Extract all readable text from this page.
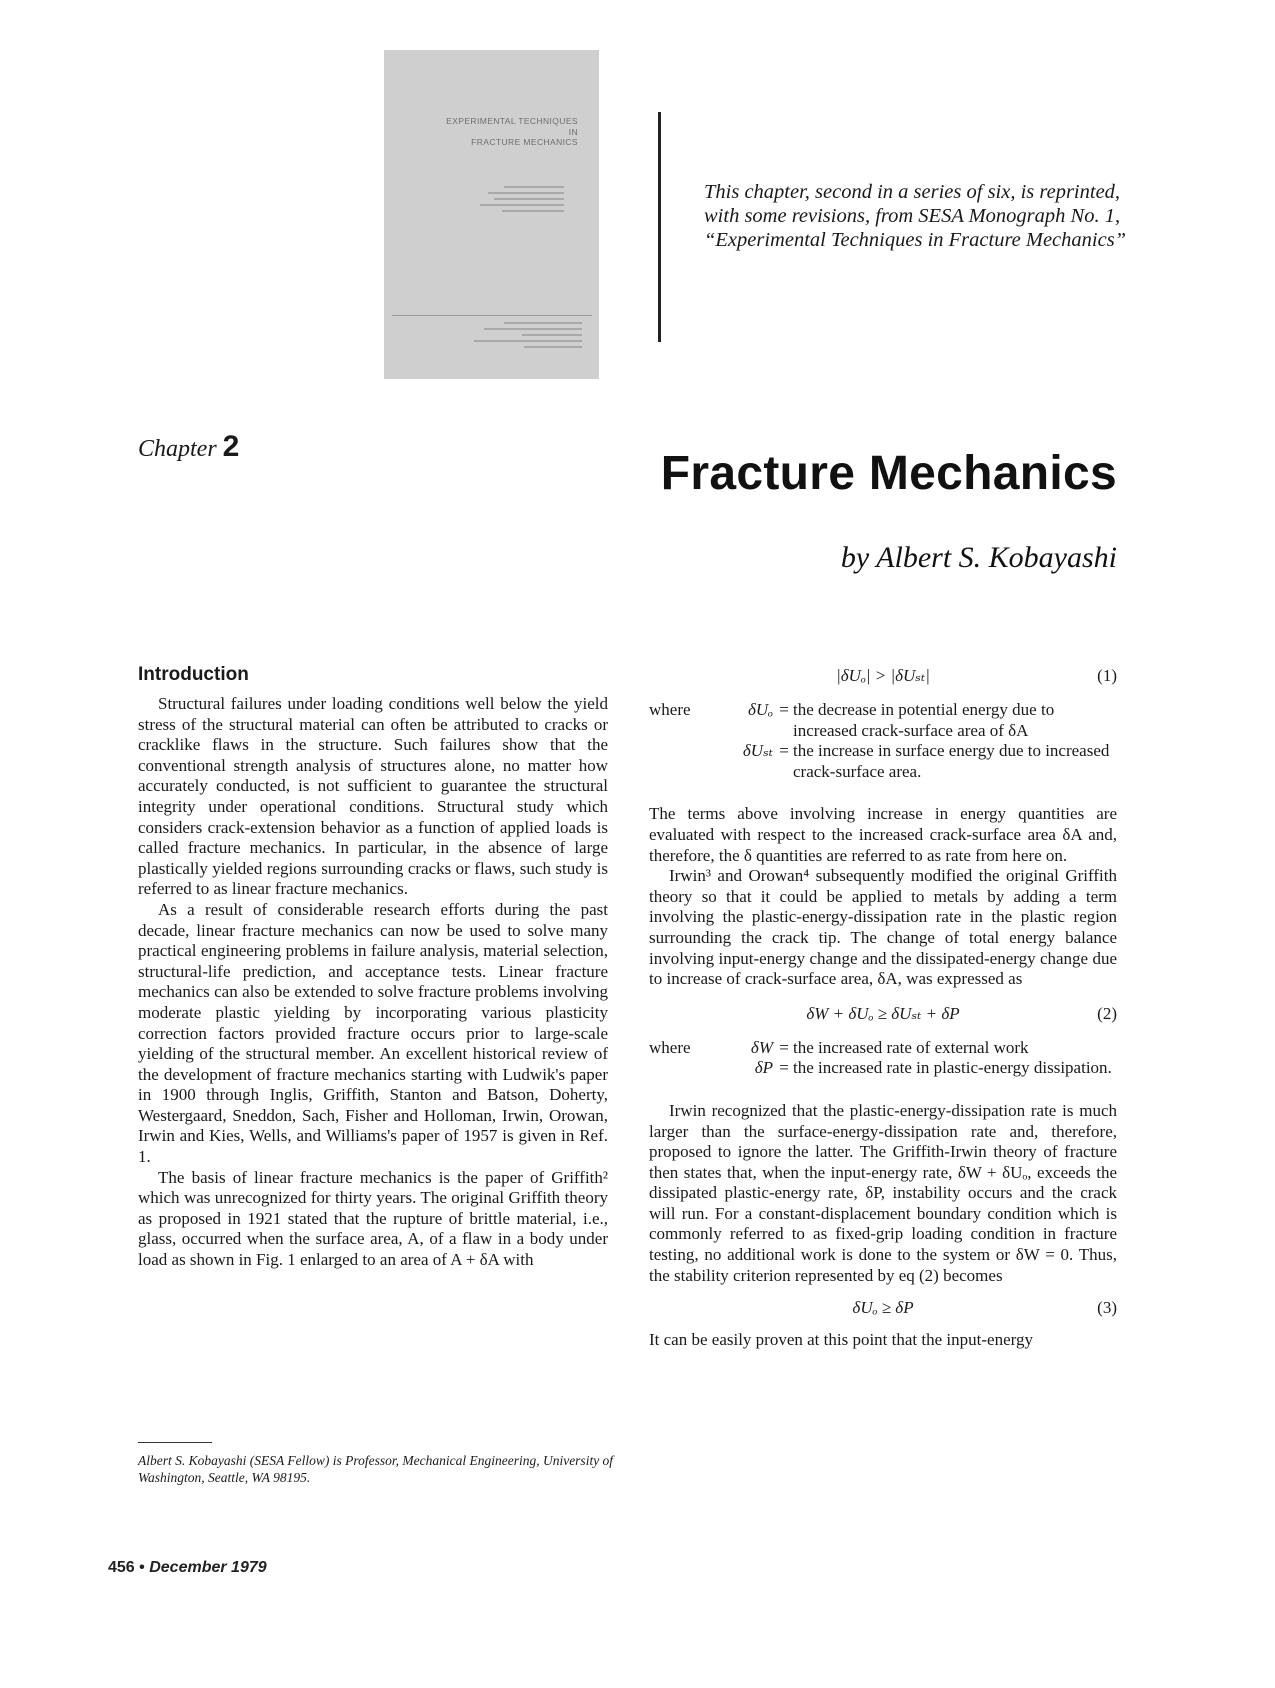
EXPERIMENTAL TECHNIQUES
IN
FRACTURE MECHANICS
This chapter, second in a series of six, is reprinted, with some revisions, from SESA Monograph No. 1, “Experimental Techniques in Fracture Mechanics”
Chapter 2
Fracture Mechanics
by Albert S. Kobayashi
Introduction

Structural failures under loading conditions well below the yield stress of the structural material can often be attributed to cracks or cracklike flaws in the structure. Such failures show that the conventional strength analysis of structures alone, no matter how accurately conducted, is not sufficient to guarantee the structural integrity under operational conditions. Structural study which considers crack-extension behavior as a function of applied loads is called fracture mechanics. In particular, in the absence of large plastically yielded regions surrounding cracks or flaws, such study is referred to as linear fracture mechanics.

As a result of considerable research efforts during the past decade, linear fracture mechanics can now be used to solve many practical engineering problems in failure analysis, material selection, structural-life prediction, and acceptance tests. Linear fracture mechanics can also be extended to solve fracture problems involving moderate plastic yielding by incorporating various plasticity correction factors provided fracture occurs prior to large-scale yielding of the structural member. An excellent historical review of the development of fracture mechanics starting with Ludwik's paper in 1900 through Inglis, Griffith, Stanton and Batson, Doherty, Westergaard, Sneddon, Sach, Fisher and Holloman, Irwin, Orowan, Irwin and Kies, Wells, and Williams's paper of 1957 is given in Ref. 1.

The basis of linear fracture mechanics is the paper of Griffith² which was unrecognized for thirty years. The original Griffith theory as proposed in 1921 stated that the rupture of brittle material, i.e., glass, occurred when the surface area, A, of a flaw in a body under load as shown in Fig. 1 enlarged to an area of A + δA with

|δUₒ| > |δUₛₜ|	(1)
where	δUₒ = the decrease in potential energy due to increased crack-surface area of δA
δUₛₜ = the increase in surface energy due to increased crack-surface area.

The terms above involving increase in energy quantities are evaluated with respect to the increased crack-surface area δA and, therefore, the δ quantities are referred to as rate from here on.

Irwin³ and Orowan⁴ subsequently modified the original Griffith theory so that it could be applied to metals by adding a term involving the plastic-energy-dissipation rate in the plastic region surrounding the crack tip. The change of total energy balance involving input-energy change and the dissipated-energy change due to increase of crack-surface area, δA, was expressed as

δW + δUₒ ≥ δUₛₜ + δP	(2)
where	δW = the increased rate of external work
δP = the increased rate in plastic-energy dissipation.

Irwin recognized that the plastic-energy-dissipation rate is much larger than the surface-energy-dissipation rate and, therefore, proposed to ignore the latter. The Griffith-Irwin theory of fracture then states that, when the input-energy rate, δW + δUₒ, exceeds the dissipated plastic-energy rate, δP, instability occurs and the crack will run. For a constant-displacement boundary condition which is commonly referred to as fixed-grip loading condition in fracture testing, no additional work is done to the system or δW = 0. Thus, the stability criterion represented by eq (2) becomes

δUₒ ≥ δP	(3)

It can be easily proven at this point that the input-energy

Albert S. Kobayashi (SESA Fellow) is Professor, Mechanical Engineering, University of Washington, Seattle, WA 98195.
456 • December 1979
